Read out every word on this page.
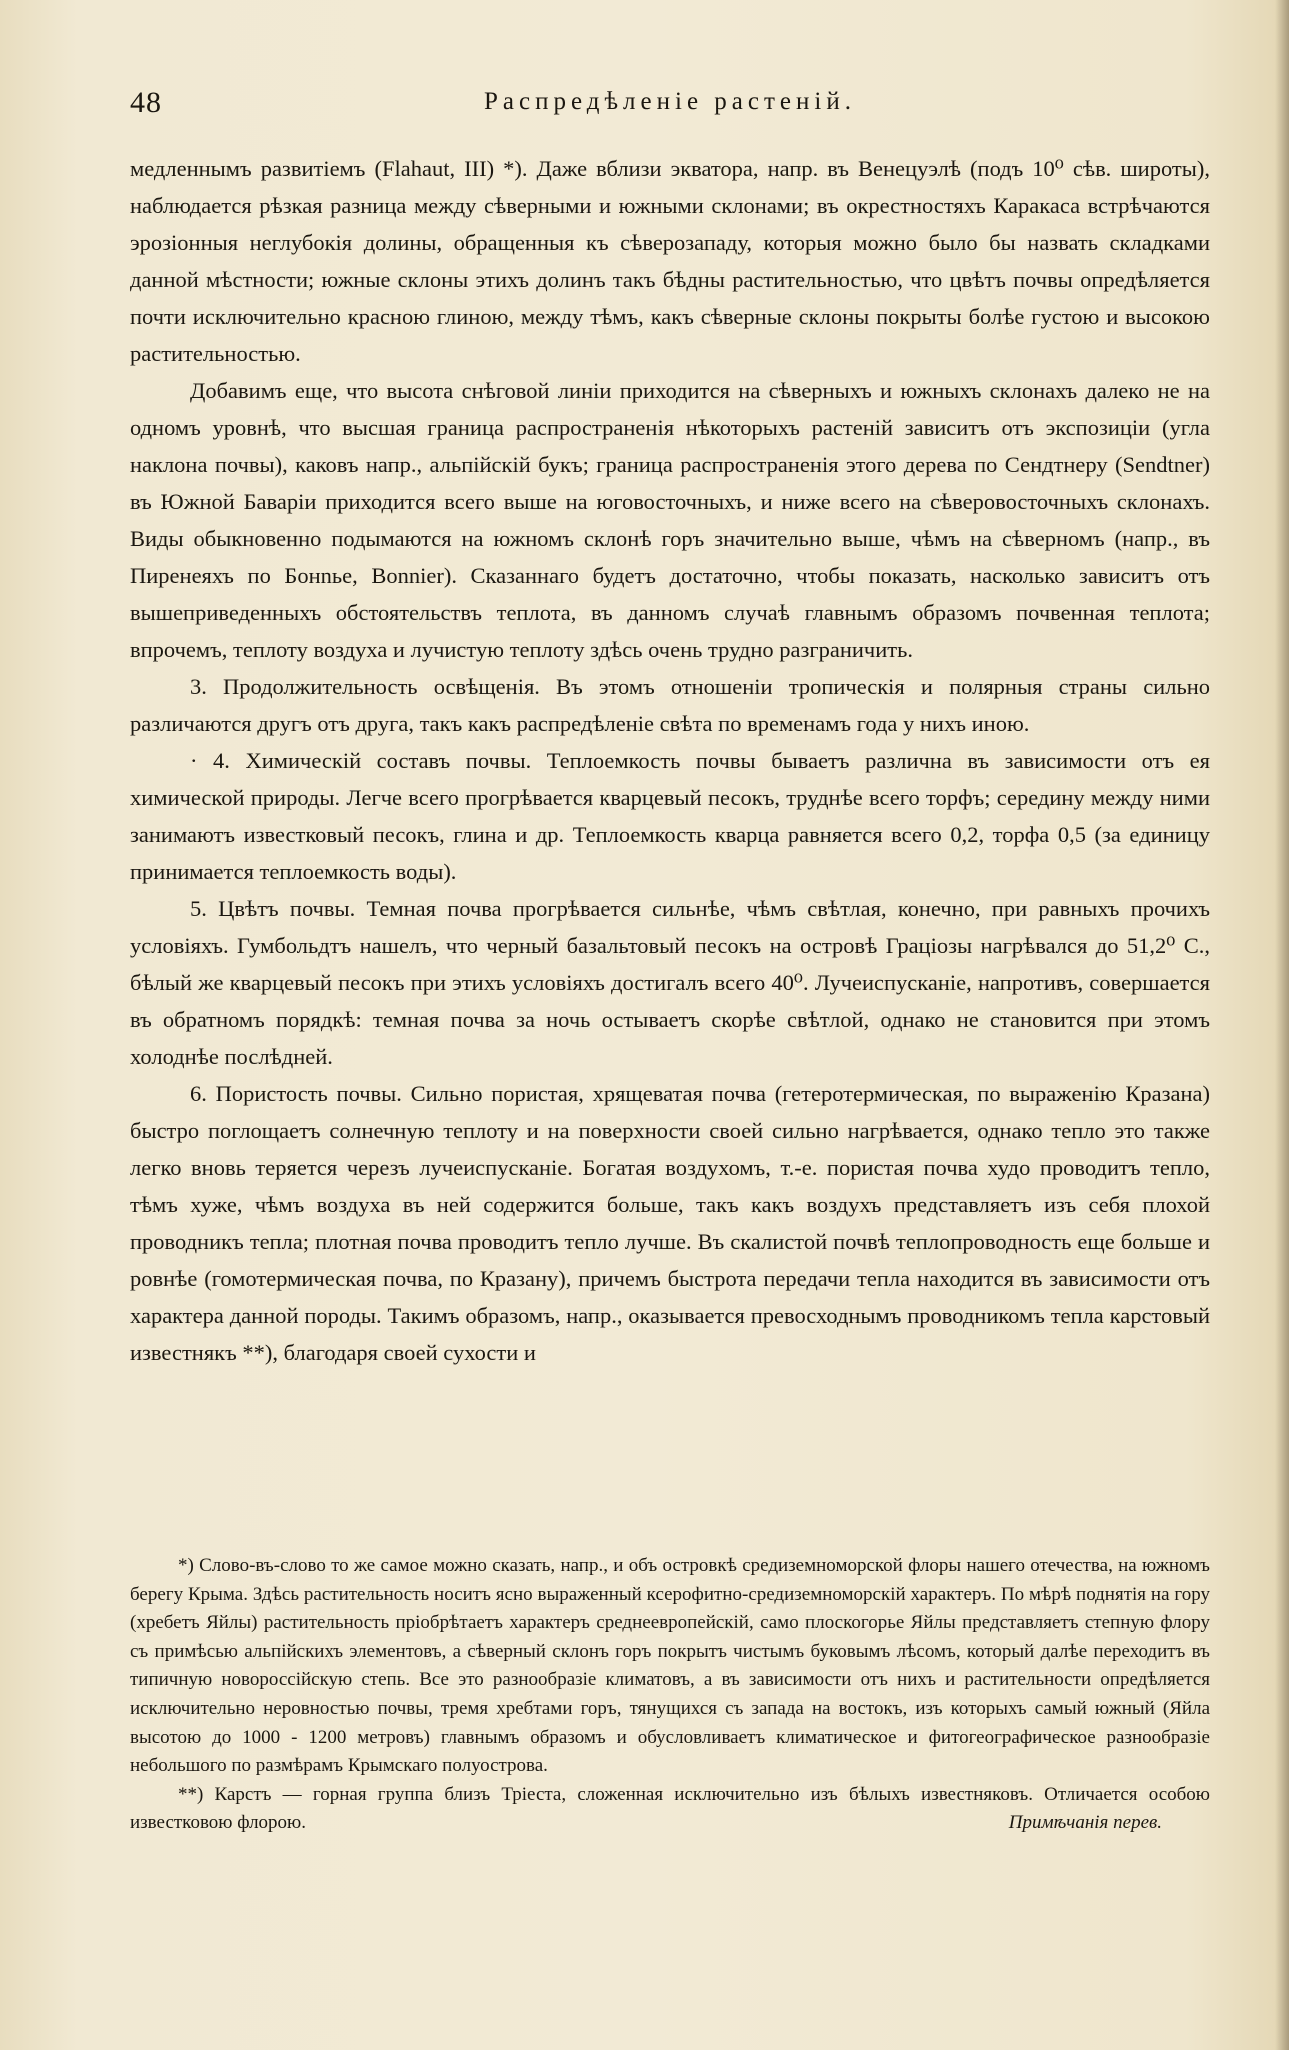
48	Распредѣленіе растеній.

медленнымъ развитіемъ (Flahaut, III) *). Даже вблизи экватора, напр. въ Венецуэлѣ (подъ 10⁰ сѣв. широты), наблюдается рѣзкая разница между сѣверными и южными склонами; въ окрестностяхъ Каракаса встрѣчаются эрозіонныя неглубокія долины, обращенныя къ сѣверозападу, которыя можно было бы назвать складками данной мѣстности; южные склоны этихъ долинъ такъ бѣдны растительностью, что цвѣтъ почвы опредѣляется почти исключительно красною глиною, между тѣмъ, какъ сѣверные склоны покрыты болѣе густою и высокою растительностью.

Добавимъ еще, что высота снѣговой линіи приходится на сѣверныхъ и южныхъ склонахъ далеко не на одномъ уровнѣ, что высшая граница распространенія нѣкоторыхъ растеній зависитъ отъ экспозиціи (угла наклона почвы), каковъ напр., альпійскій букъ; граница распространенія этого дерева по Сендтнеру (Sendtner) въ Южной Баваріи приходится всего выше на юговосточныхъ, и ниже всего на сѣверовосточныхъ склонахъ. Виды обыкновенно подымаются на южномъ склонѣ горъ значительно выше, чѣмъ на сѣверномъ (напр., въ Пиренеяхъ по Бонnье, Bonnier). Сказаннаго будетъ достаточно, чтобы показать, насколько зависитъ отъ вышеприведенныхъ обстоятельствъ теплота, въ данномъ случаѣ главнымъ образомъ почвенная теплота; впрочемъ, теплоту воздуха и лучистую теплоту здѣсь очень трудно разграничить.

3. Продолжительность освѣщенія. Въ этомъ отношеніи тропическія и полярныя страны сильно различаются другъ отъ друга, такъ какъ распредѣленіе свѣта по временамъ года у нихъ иною.

· 4. Химическій составъ почвы. Теплоемкость почвы бываетъ различна въ зависимости отъ ея химической природы. Легче всего прогрѣвается кварцевый песокъ, труднѣе всего торфъ; середину между ними занимаютъ известковый песокъ, глина и др. Теплоемкость кварца равняется всего 0,2, торфа 0,5 (за единицу принимается теплоемкость воды).

5. Цвѣтъ почвы. Темная почва прогрѣвается сильнѣе, чѣмъ свѣтлая, конечно, при равныхъ прочихъ условіяхъ. Гумбольдтъ нашелъ, что черный базальтовый песокъ на островѣ Граціозы нагрѣвался до 51,2⁰ C., бѣлый же кварцевый песокъ при этихъ условіяхъ достигалъ всего 40⁰. Лучеиспусканіе, напротивъ, совершается въ обратномъ порядкѣ: темная почва за ночь остываетъ скорѣе свѣтлой, однако не становится при этомъ холоднѣе послѣдней.

6. Пористость почвы. Сильно пористая, хрящеватая почва (гетеротермическая, по выраженію Кразана) быстро поглощаетъ солнечную теплоту и на поверхности своей сильно нагрѣвается, однако тепло это также легко вновь теряется черезъ лучеиспусканіе. Богатая воздухомъ, т.-е. пористая почва худо проводитъ тепло, тѣмъ хуже, чѣмъ воздуха въ ней содержится больше, такъ какъ воздухъ представляетъ изъ себя плохой проводникъ тепла; плотная почва проводитъ тепло лучше. Въ скалистой почвѣ теплопроводность еще больше и ровнѣе (гомотермическая почва, по Кразану), причемъ быстрота передачи тепла находится въ зависимости отъ характера данной породы. Такимъ образомъ, напр., оказывается превосходнымъ проводникомъ тепла карстовый известнякъ **), благодаря своей сухости и

*) Слово-въ-слово то же самое можно сказать, напр., и объ островкѣ средиземноморской флоры нашего отечества, на южномъ берегу Крыма. Здѣсь растительность носитъ ясно выраженный ксерофитно-средиземноморскій характеръ. По мѣрѣ поднятія на гору (хребетъ Яйлы) растительность пріобрѣтаетъ характеръ среднеевропейскій, само плоскогорье Яйлы представляетъ степную флору съ примѣсью альпійскихъ элементовъ, а сѣверный склонъ горъ покрытъ чистымъ буковымъ лѣсомъ, который далѣе переходитъ въ типичную новороссійскую степь. Все это разнообразіе климатовъ, а въ зависимости отъ нихъ и растительности опредѣляется исключительно неровностью почвы, тремя хребтами горъ, тянущихся съ запада на востокъ, изъ которыхъ самый южный (Яйла высотою до 1000 - 1200 метровъ) главнымъ образомъ и обусловливаетъ климатическое и фитогеографическое разнообразіе небольшого по размѣрамъ Крымскаго полуострова.

**) Карстъ — горная группа близъ Тріеста, сложенная исключительно изъ бѣлыхъ известняковъ. Отличается особою известковою флорою.	Примѣчанія перев.
